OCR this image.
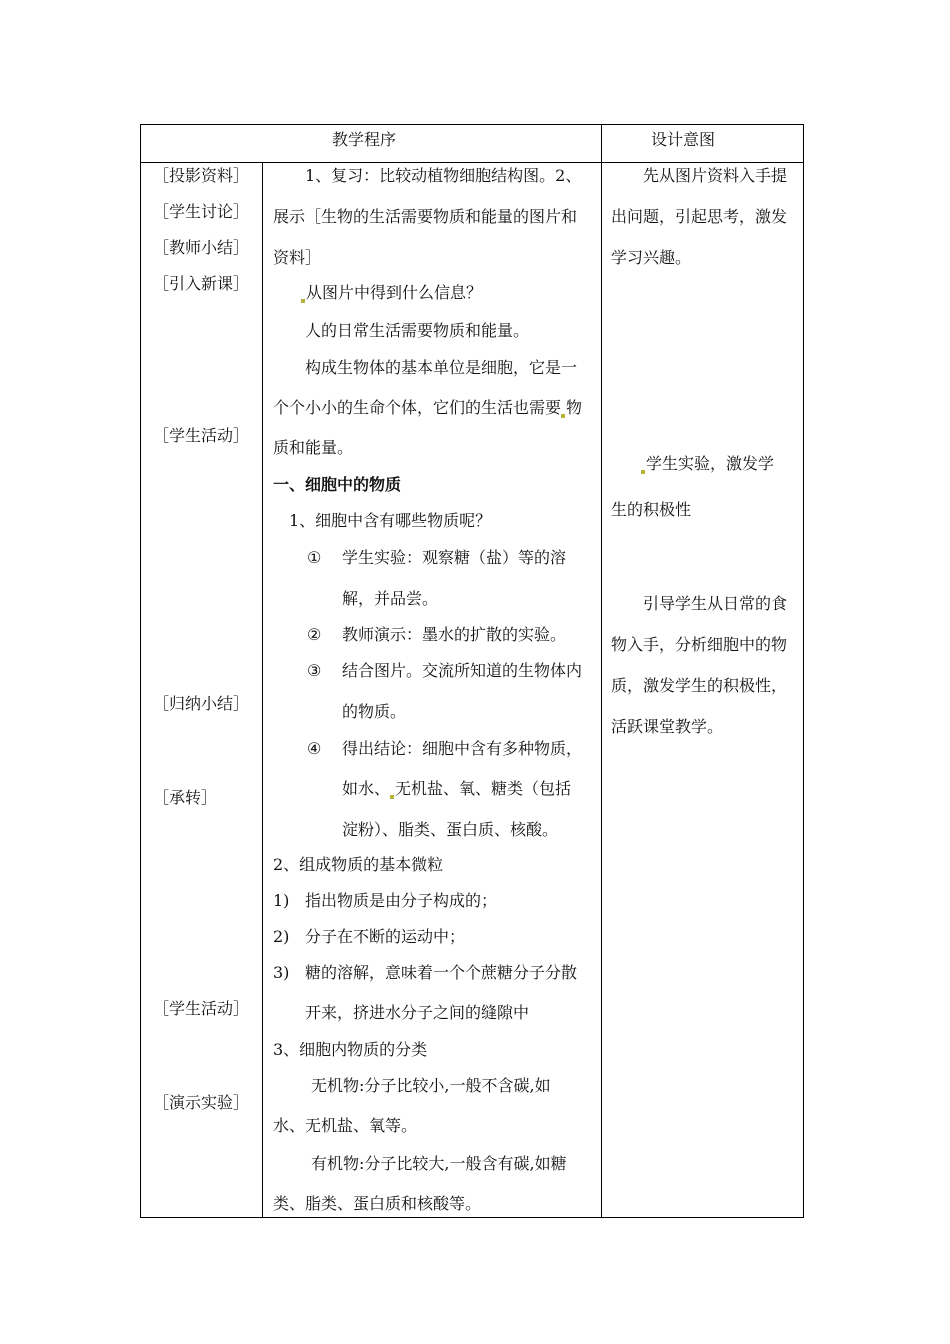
教学程序	设计意图
［投影资料］
［学生讨论］
［教师小结］
［引入新课］
［学生活动］
［归纳小结］
［承转］
［学生活动］
［演示实验］
1、复习：比较动植物细胞结构图。2、
展示［生物的生活需要物质和能量的图片和
资料］
从图片中得到什么信息？
人的日常生活需要物质和能量。
构成生物体的基本单位是细胞，它是一
个个小小的生命个体，它们的生活也需要 物
质和能量。
一、细胞中的物质
1、细胞中含有哪些物质呢？
① 学生实验：观察糖（盐）等的溶
解，并品尝。
② 教师演示：墨水的扩散的实验。
③ 结合图片。交流所知道的生物体内
的物质。
④ 得出结论：细胞中含有多种物质，
如水、 无机盐、氧、糖类（包括
淀粉）、脂类、蛋白质、核酸。
2、组成物质的基本微粒
1) 指出物质是由分子构成的；
2) 分子在不断的运动中；
3) 糖的溶解，意味着一个个蔗糖分子分散
开来，挤进水分子之间的缝隙中
3、细胞内物质的分类
无机物:分子比较小,一般不含碳,如
水、无机盐、氧等。
有机物:分子比较大,一般含有碳,如糖
类、脂类、蛋白质和核酸等。
先从图片资料入手提
出问题，引起思考，激发
学习兴趣。
学生实验，激发学
生的积极性
引导学生从日常的食
物入手，分析细胞中的物
质，激发学生的积极性，
活跃课堂教学。
